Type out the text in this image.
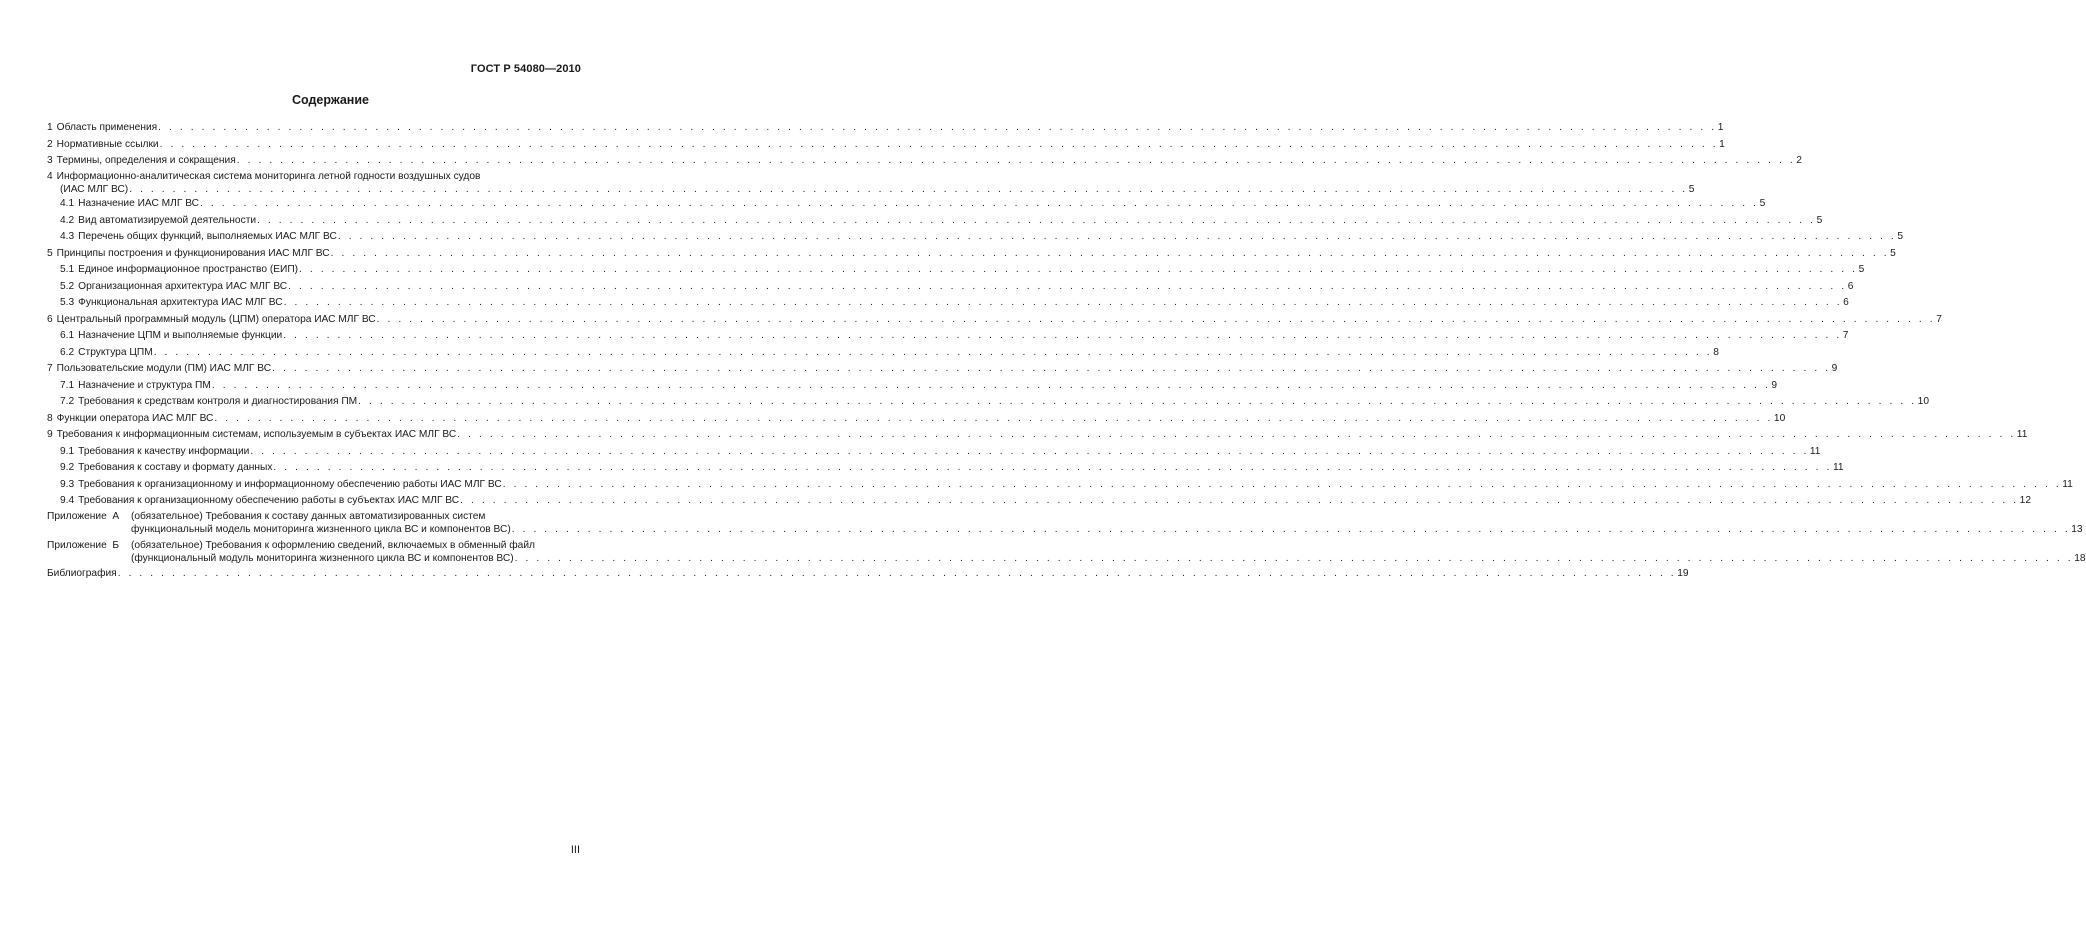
ГОСТ Р 54080—2010
Содержание
1 Область применения . . .	1
2 Нормативные ссылки . . .	1
3 Термины, определения и сокращения . . .	2
4 Информационно-аналитическая система мониторинга летной годности воздушных судов
(ИАС МЛГ ВС) . . .	5
4.1 Назначение ИАС МЛГ ВС . . .	5
4.2 Вид автоматизируемой деятельности . . .	5
4.3 Перечень общих функций, выполняемых ИАС МЛГ ВС . . .	5
5 Принципы построения и функционирования ИАС МЛГ ВС . . .	5
5.1 Единое информационное пространство (ЕИП) . . .	5
5.2 Организационная архитектура ИАС МЛГ ВС . . .	6
5.3 Функциональная архитектура ИАС МЛГ ВС . . .	6
6 Центральный программный модуль (ЦПМ) оператора ИАС МЛГ ВС . . .	7
6.1 Назначение ЦПМ и выполняемые функции . . .	7
6.2 Структура ЦПМ . . .	8
7 Пользовательские модули (ПМ) ИАС МЛГ ВС . . .	9
7.1 Назначение и структура ПМ . . .	9
7.2 Требования к средствам контроля и диагностирования ПМ . . .	10
8 Функции оператора ИАС МЛГ ВС . . .	10
9 Требования к информационным системам, используемым в субъектах ИАС МЛГ ВС . . .	11
9.1 Требования к качеству информации . . .	11
9.2 Требования к составу и формату данных . . .	11
9.3 Требования к организационному и информационному обеспечению работы ИАС МЛГ ВС . . .	11
9.4 Требования к организационному обеспечению работы в субъектах ИАС МЛГ ВС . . .	12
Приложение  А	(обязательное) Требования к составу данных автоматизированных систем
функциональный модель мониторинга жизненного цикла ВС и компонентов ВС) . . .	13
Приложение  Б	(обязательное) Требования к оформлению сведений, включаемых в обменный файл
(функциональный модуль мониторинга жизненного цикла ВС и компонентов ВС) . . .	18
Библиография . . .	19
III
